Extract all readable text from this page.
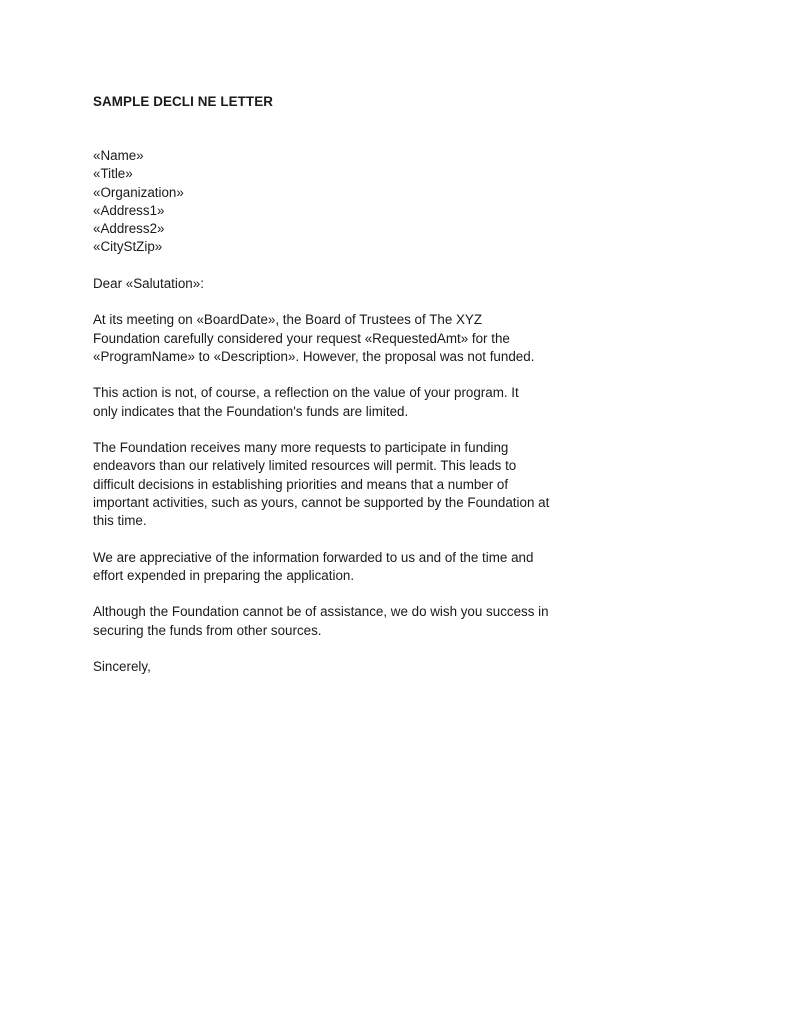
SAMPLE DECLI NE LETTER
«Name»
«Title»
«Organization»
«Address1»
«Address2»
«CityStZip»
Dear «Salutation»:
At its meeting on «BoardDate», the Board of Trustees of The XYZ
Foundation carefully considered your request «RequestedAmt» for the
«ProgramName» to «Description». However, the proposal was not funded.
This action is not, of course, a reflection on the value of your program. It
only indicates that the Foundation's funds are limited.
The Foundation receives many more requests to participate in funding
endeavors than our relatively limited resources will permit. This leads to
difficult decisions in establishing priorities and means that a number of
important activities, such as yours, cannot be supported by the Foundation at
this time.
We are appreciative of the information forwarded to us and of the time and
effort expended in preparing the application.
Although the Foundation cannot be of assistance, we do wish you success in
securing the funds from other sources.
Sincerely,
